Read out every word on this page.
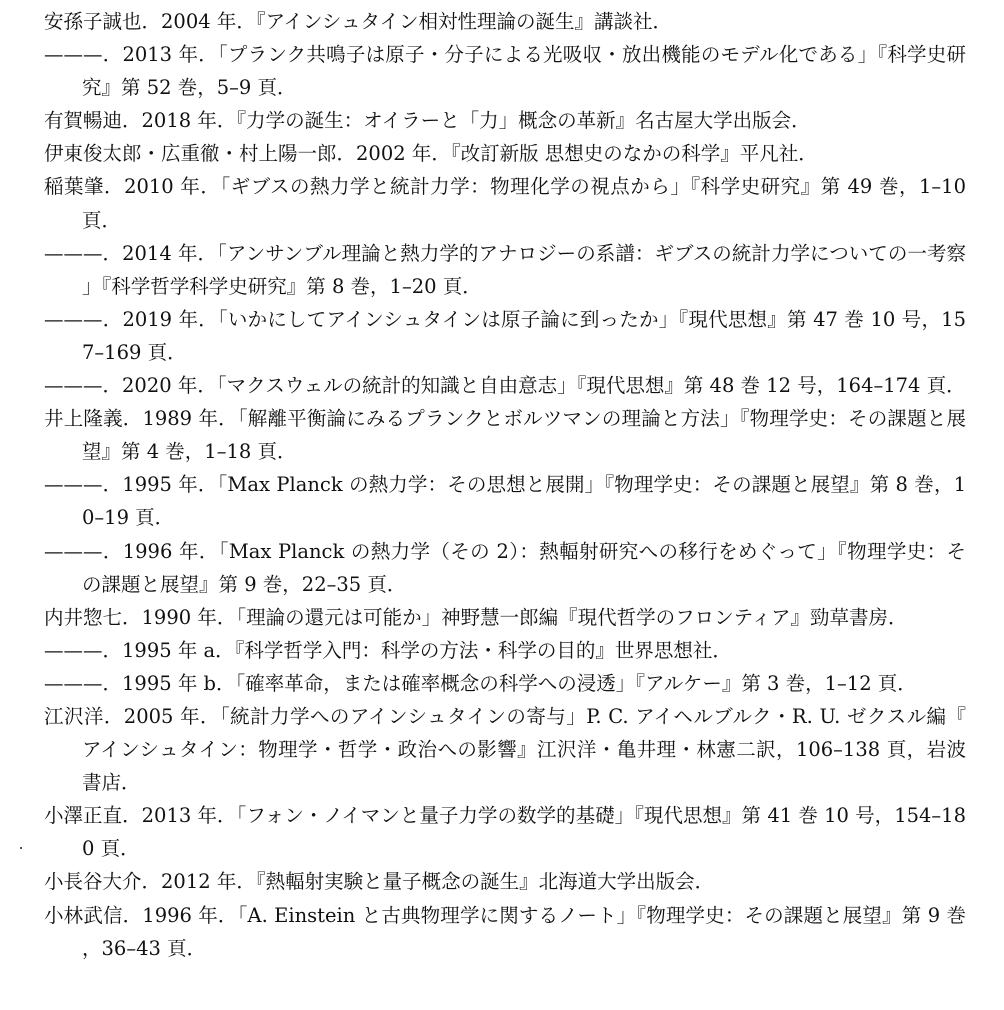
安孫子誠也．2004 年．『アインシュタイン相対性理論の誕生』講談社．
———．2013 年．「プランク共鳴子は原子・分子による光吸収・放出機能のモデル化である」『科学史研究』第 52 巻，5–9 頁．
有賀暢迪．2018 年．『力学の誕生：オイラーと「力」概念の革新』名古屋大学出版会．
伊東俊太郎・広重徹・村上陽一郎．2002 年．『改訂新版 思想史のなかの科学』平凡社．
稲葉肇．2010 年．「ギブスの熱力学と統計力学：物理化学の視点から」『科学史研究』第 49 巻，1–10 頁．
———．2014 年．「アンサンブル理論と熱力学的アナロジーの系譜：ギブスの統計力学についての一考察」『科学哲学科学史研究』第 8 巻，1–20 頁．
———．2019 年．「いかにしてアインシュタインは原子論に到ったか」『現代思想』第 47 巻 10 号，157–169 頁．
———．2020 年．「マクスウェルの統計的知識と自由意志」『現代思想』第 48 巻 12 号，164–174 頁．
井上隆義．1989 年．「解離平衡論にみるプランクとボルツマンの理論と方法」『物理学史：その課題と展望』第 4 巻，1–18 頁．
———．1995 年．「Max Planck の熱力学：その思想と展開」『物理学史：その課題と展望』第 8 巻，10–19 頁．
———．1996 年．「Max Planck の熱力学（その 2）：熱輻射研究への移行をめぐって」『物理学史：その課題と展望』第 9 巻，22–35 頁．
内井惣七．1990 年．「理論の還元は可能か」神野慧一郎編『現代哲学のフロンティア』勁草書房．
———．1995 年 a．『科学哲学入門：科学の方法・科学の目的』世界思想社．
———．1995 年 b．「確率革命，または確率概念の科学への浸透」『アルケー』第 3 巻，1–12 頁．
江沢洋．2005 年．「統計力学へのアインシュタインの寄与」P. C. アイヘルブルク・R. U. ゼクスル編『アインシュタイン：物理学・哲学・政治への影響』江沢洋・亀井理・林憲二訳，106–138 頁，岩波書店．
小澤正直．2013 年．「フォン・ノイマンと量子力学の数学的基礎」『現代思想』第 41 巻 10 号，154–180 頁．
小長谷大介．2012 年．『熱輻射実験と量子概念の誕生』北海道大学出版会．
小林武信．1996 年．「A. Einstein と古典物理学に関するノート」『物理学史：その課題と展望』第 9 巻，36–43 頁．
